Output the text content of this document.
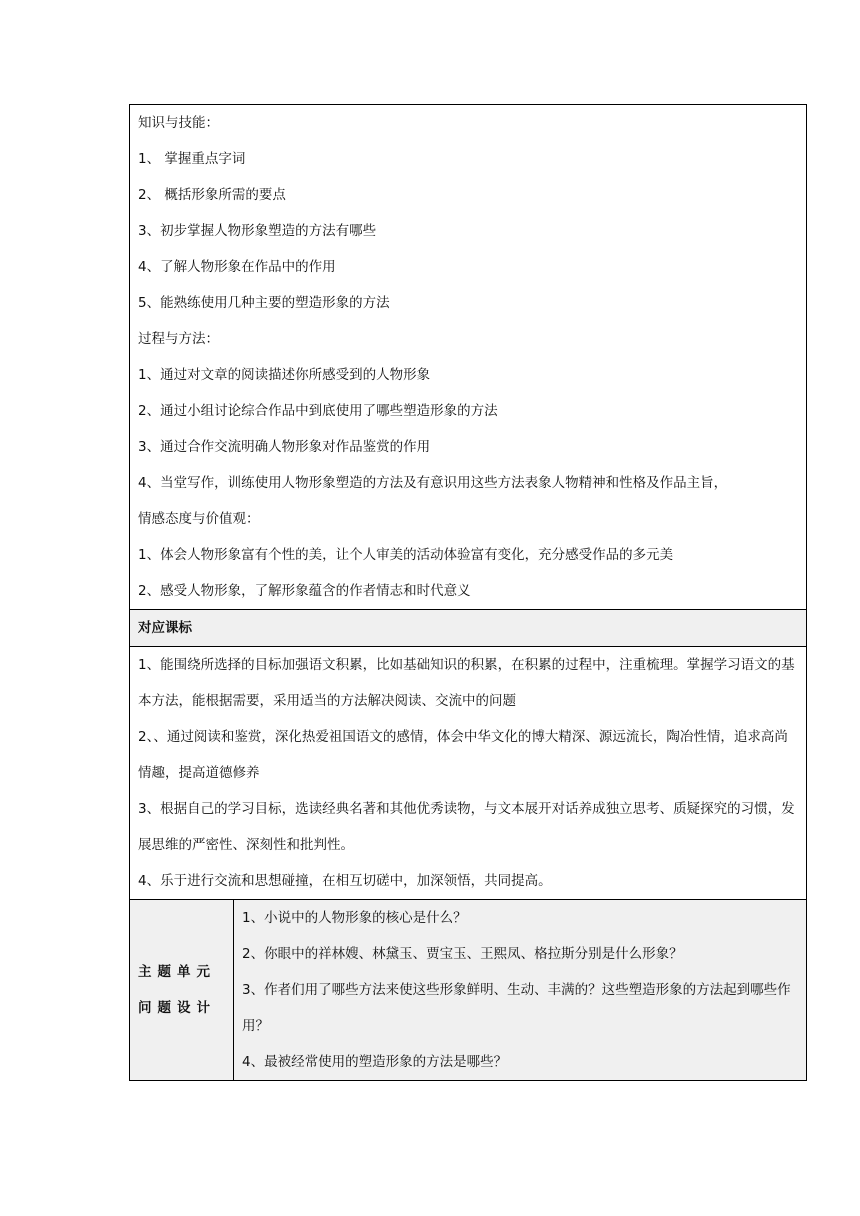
知识与技能：
1、 掌握重点字词
2、 概括形象所需的要点
3、初步掌握人物形象塑造的方法有哪些
4、了解人物形象在作品中的作用
5、能熟练使用几种主要的塑造形象的方法
过程与方法：
1、通过对文章的阅读描述你所感受到的人物形象
2、通过小组讨论综合作品中到底使用了哪些塑造形象的方法
3、通过合作交流明确人物形象对作品鉴赏的作用
4、当堂写作，训练使用人物形象塑造的方法及有意识用这些方法表象人物精神和性格及作品主旨，
情感态度与价值观：
1、体会人物形象富有个性的美，让个人审美的活动体验富有变化，充分感受作品的多元美
2、感受人物形象，了解形象蕴含的作者情志和时代意义

对应课标

1、能围绕所选择的目标加强语文积累，比如基础知识的积累，在积累的过程中，注重梳理。掌握学习语文的基本方法，能根据需要，采用适当的方法解决阅读、交流中的问题
2、、通过阅读和鉴赏，深化热爱祖国语文的感情，体会中华文化的博大精深、源远流长，陶冶性情，追求高尚情趣，提高道德修养
3、根据自己的学习目标，选读经典名著和其他优秀读物，与文本展开对话养成独立思考、质疑探究的习惯，发展思维的严密性、深刻性和批判性。
4、乐于进行交流和思想碰撞，在相互切磋中，加深领悟，共同提高。

主题单元问题设计

1、小说中的人物形象的核心是什么？
2、你眼中的祥林嫂、林黛玉、贾宝玉、王熙凤、格拉斯分别是什么形象？
3、作者们用了哪些方法来使这些形象鲜明、生动、丰满的？这些塑造形象的方法起到哪些作用？
4、最被经常使用的塑造形象的方法是哪些？
